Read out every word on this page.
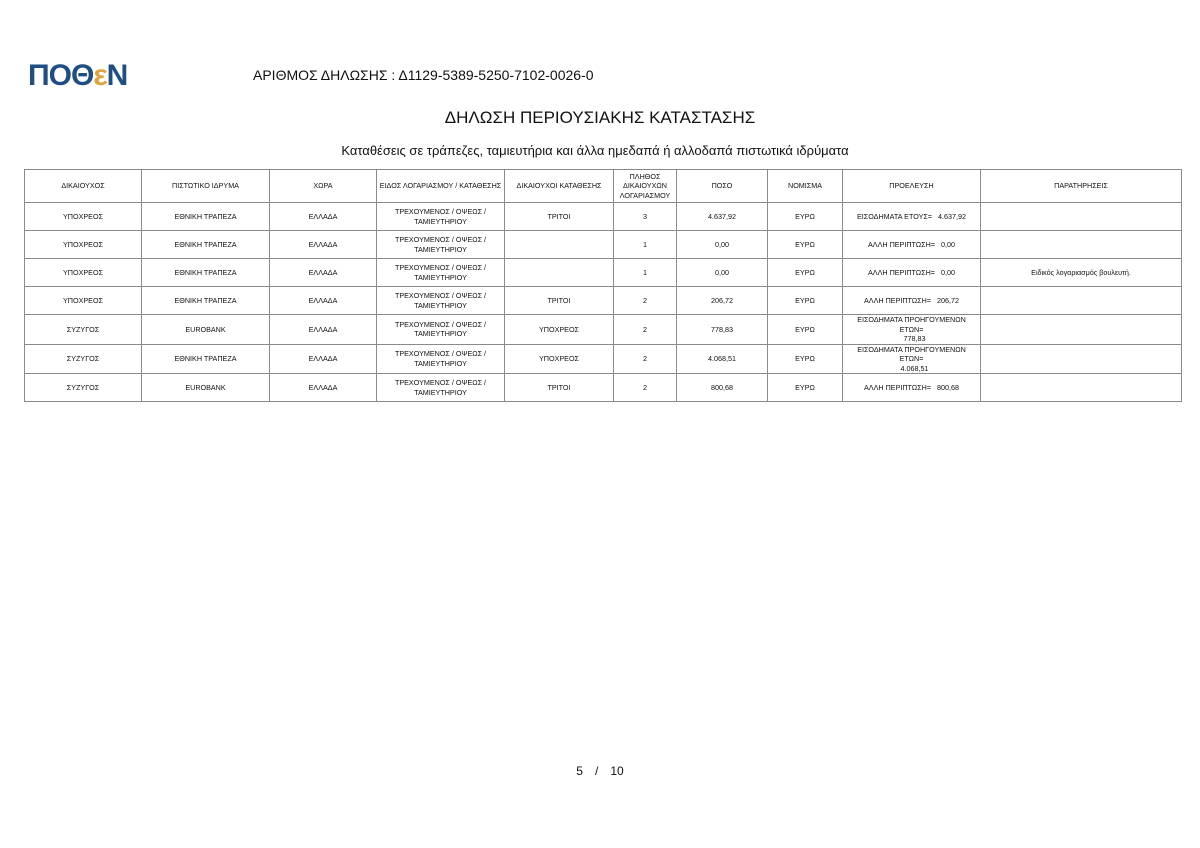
ΠΟΘεΝ	ΑΡΙΘΜΟΣ ΔΗΛΩΣΗΣ : Δ1129-5389-5250-7102-0026-0
ΔΗΛΩΣΗ ΠΕΡΙΟΥΣΙΑΚΗΣ ΚΑΤΑΣΤΑΣΗΣ
Καταθέσεις σε τράπεζες, ταμιευτήρια και άλλα ημεδαπά ή αλλοδαπά πιστωτικά ιδρύματα
ΔΙΚΑΙΟΥΧΟΣ	ΠΙΣΤΩΤΙΚΟ ΙΔΡΥΜΑ	ΧΩΡΑ	ΕΙΔΟΣ ΛΟΓΑΡΙΑΣΜΟΥ / ΚΑΤΑΘΕΣΗΣ	ΔΙΚΑΙΟΥΧΟΙ ΚΑΤΑΘΕΣΗΣ	ΠΛΗΘΟΣ ΔΙΚΑΙΟΥΧΩΝ ΛΟΓΑΡΙΑΣΜΟΥ	ΠΟΣΟ	ΝΟΜΙΣΜΑ	ΠΡΟΕΛΕΥΣΗ	ΠΑΡΑΤΗΡΗΣΕΙΣ
ΥΠΟΧΡΕΟΣ	ΕΘΝΙΚΗ ΤΡΑΠΕΖΑ	ΕΛΛΑΔΑ	ΤΡΕΧΟΥΜΕΝΟΣ / ΟΨΕΩΣ / ΤΑΜΙΕΥΤΗΡΙΟΥ	ΤΡΙΤΟΙ	3	4.637,92	ΕΥΡΩ	ΕΙΣΟΔΗΜΑΤΑ ΕΤΟΥΣ= 4.637,92	
ΥΠΟΧΡΕΟΣ	ΕΘΝΙΚΗ ΤΡΑΠΕΖΑ	ΕΛΛΑΔΑ	ΤΡΕΧΟΥΜΕΝΟΣ / ΟΨΕΩΣ / ΤΑΜΙΕΥΤΗΡΙΟΥ		1	0,00	ΕΥΡΩ	ΑΛΛΗ ΠΕΡΙΠΤΩΣΗ= 0,00	
ΥΠΟΧΡΕΟΣ	ΕΘΝΙΚΗ ΤΡΑΠΕΖΑ	ΕΛΛΑΔΑ	ΤΡΕΧΟΥΜΕΝΟΣ / ΟΨΕΩΣ / ΤΑΜΙΕΥΤΗΡΙΟΥ		1	0,00	ΕΥΡΩ	ΑΛΛΗ ΠΕΡΙΠΤΩΣΗ= 0,00	Ειδικός λογαριασμός βουλευτή.
ΥΠΟΧΡΕΟΣ	ΕΘΝΙΚΗ ΤΡΑΠΕΖΑ	ΕΛΛΑΔΑ	ΤΡΕΧΟΥΜΕΝΟΣ / ΟΨΕΩΣ / ΤΑΜΙΕΥΤΗΡΙΟΥ	ΤΡΙΤΟΙ	2	206,72	ΕΥΡΩ	ΑΛΛΗ ΠΕΡΙΠΤΩΣΗ= 206,72	
ΣΥΖΥΓΟΣ	EUROBANK	ΕΛΛΑΔΑ	ΤΡΕΧΟΥΜΕΝΟΣ / ΟΨΕΩΣ / ΤΑΜΙΕΥΤΗΡΙΟΥ	ΥΠΟΧΡΕΟΣ	2	778,83	ΕΥΡΩ	ΕΙΣΟΔΗΜΑΤΑ ΠΡΟΗΓΟΥΜΕΝΩΝ ΕΤΩΝ=778,83	
ΣΥΖΥΓΟΣ	ΕΘΝΙΚΗ ΤΡΑΠΕΖΑ	ΕΛΛΑΔΑ	ΤΡΕΧΟΥΜΕΝΟΣ / ΟΨΕΩΣ / ΤΑΜΙΕΥΤΗΡΙΟΥ	ΥΠΟΧΡΕΟΣ	2	4.068,51	ΕΥΡΩ	ΕΙΣΟΔΗΜΑΤΑ ΠΡΟΗΓΟΥΜΕΝΩΝ ΕΤΩΝ=4.068,51	
ΣΥΖΥΓΟΣ	EUROBANK	ΕΛΛΑΔΑ	ΤΡΕΧΟΥΜΕΝΟΣ / ΟΨΕΩΣ / ΤΑΜΙΕΥΤΗΡΙΟΥ	ΤΡΙΤΟΙ	2	800,68	ΕΥΡΩ	ΑΛΛΗ ΠΕΡΙΠΤΩΣΗ= 800,68	
5 / 10
